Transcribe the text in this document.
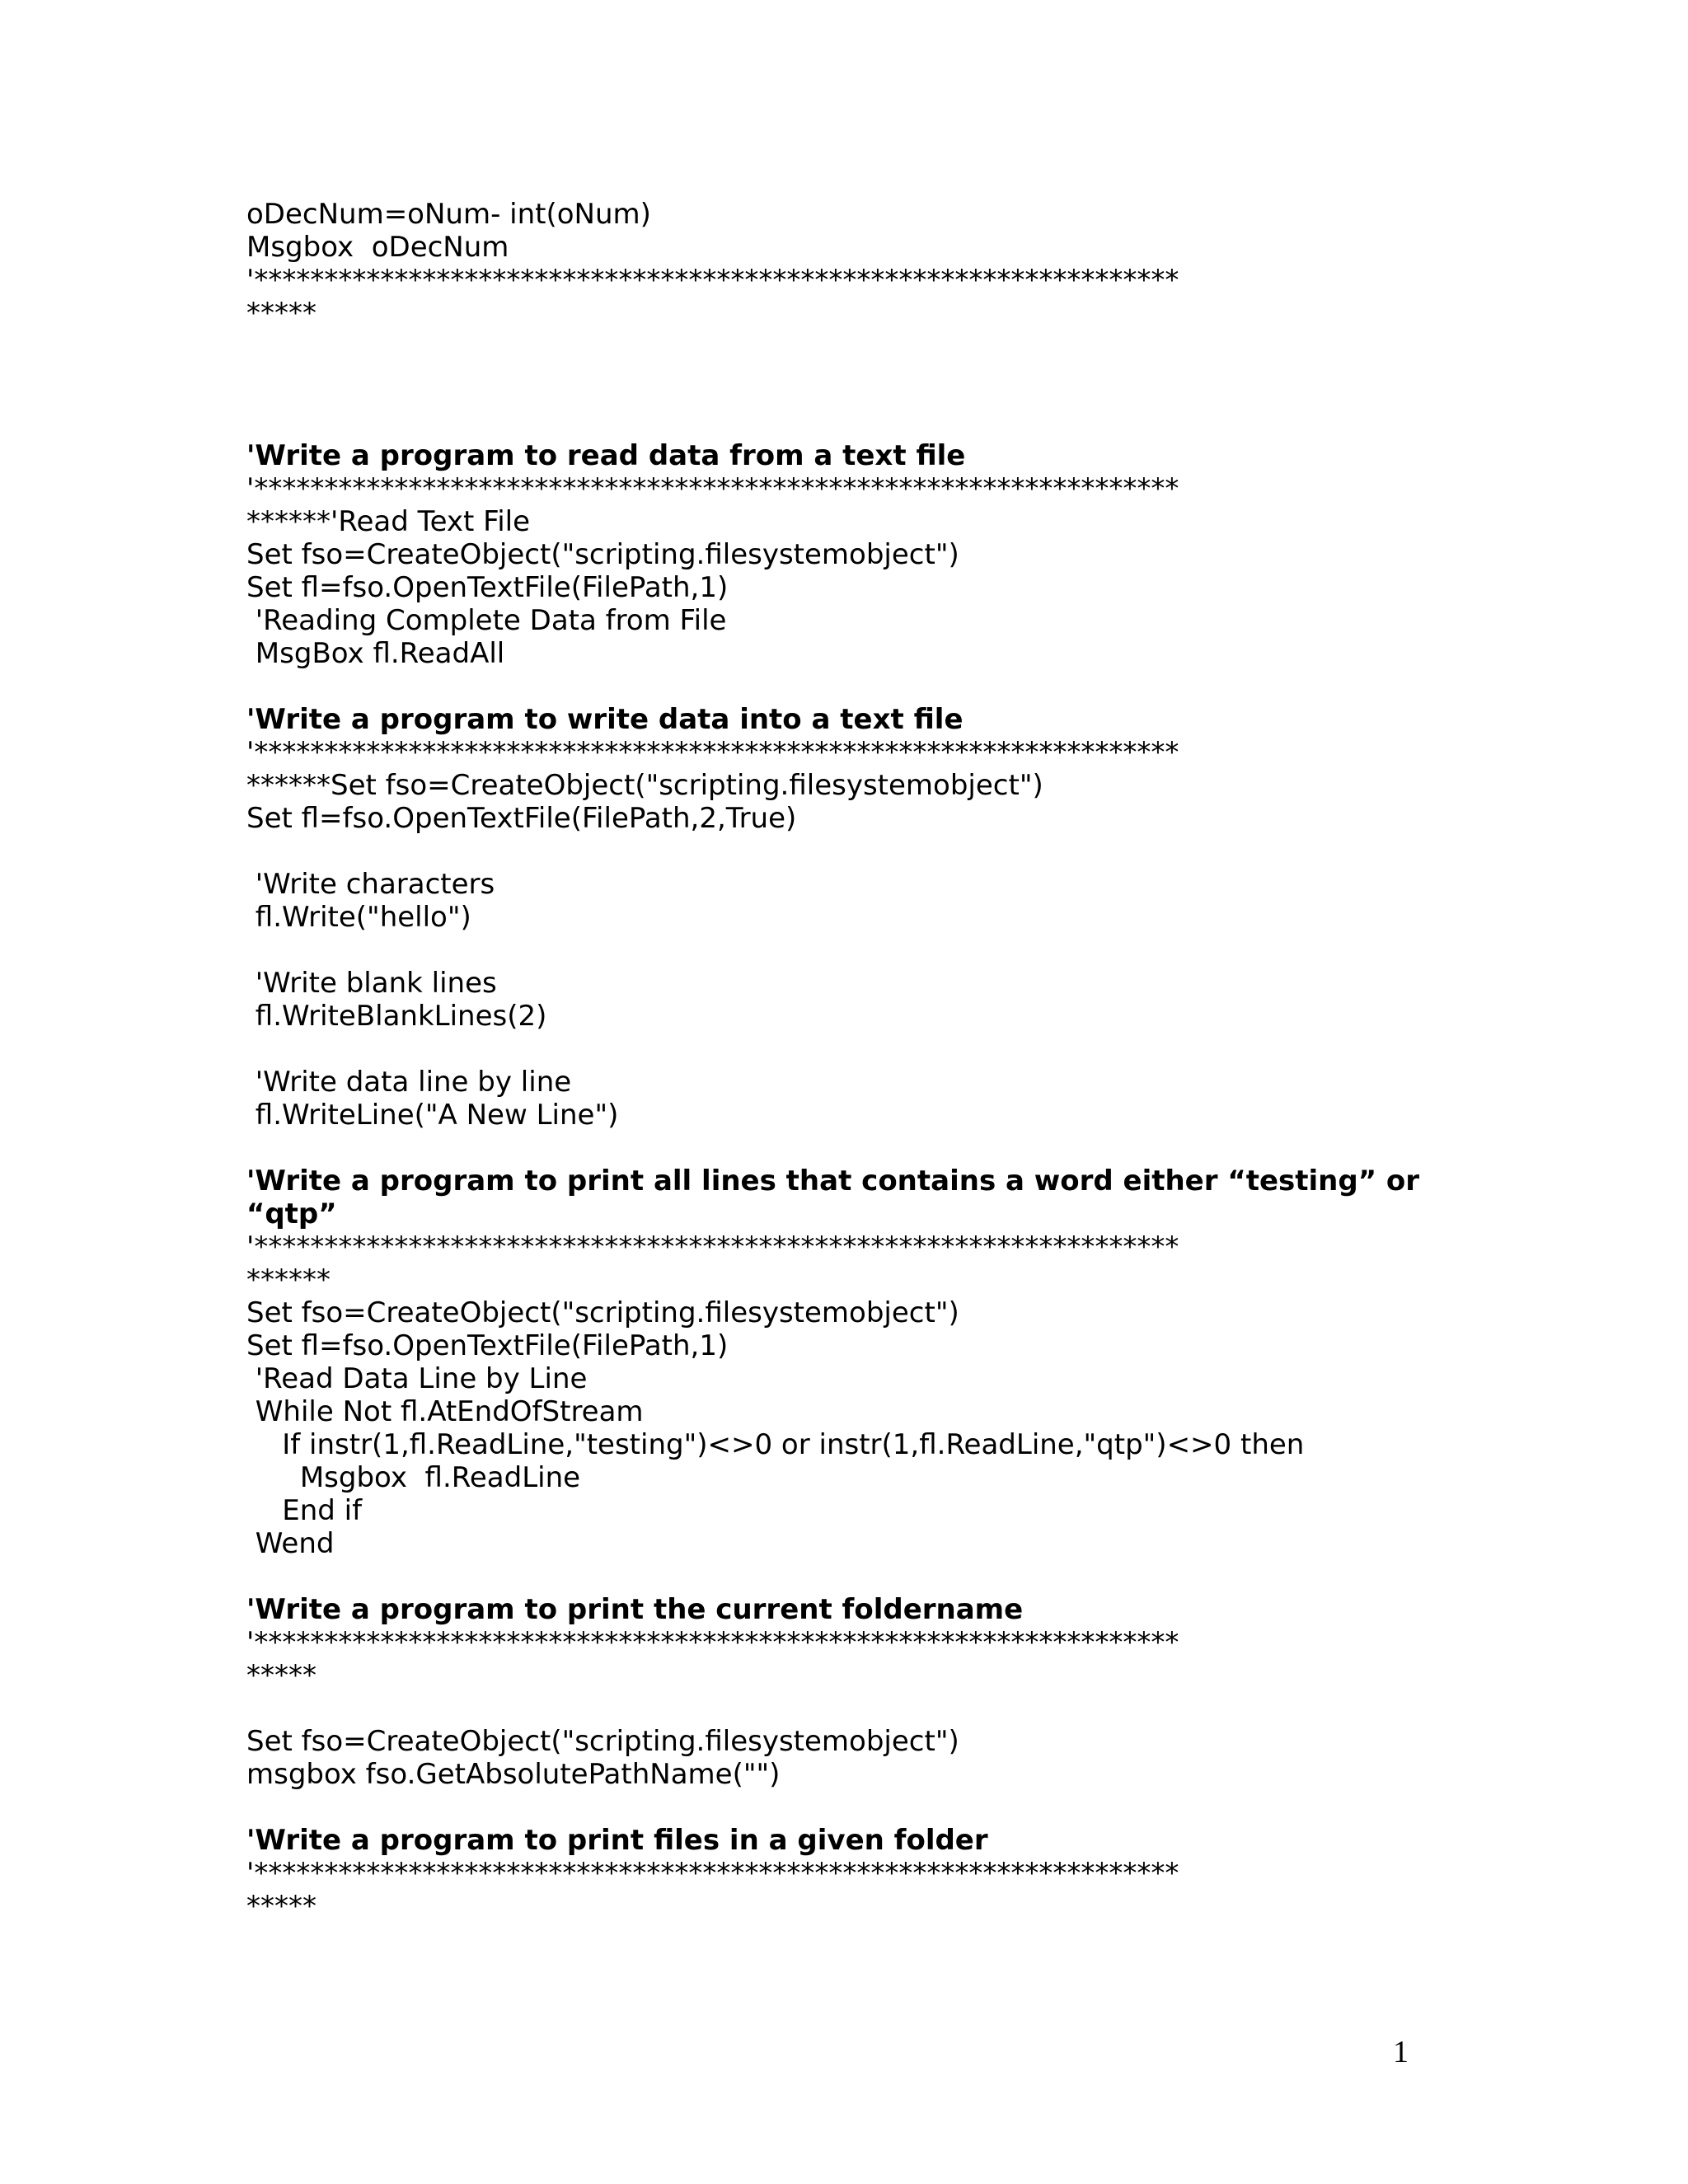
oDecNum=oNum- int(oNum)

Msgbox  oDecNum

'******************************************************************

*****

'Write a program to read data from a text file

'******************************************************************

******'Read Text File

Set fso=CreateObject("scripting.filesystemobject")

Set fl=fso.OpenTextFile(FilePath,1)

'Reading Complete Data from File

MsgBox fl.ReadAll

'Write a program to write data into a text file

'******************************************************************

******Set fso=CreateObject("scripting.filesystemobject")

Set fl=fso.OpenTextFile(FilePath,2,True)

'Write characters

fl.Write("hello")

'Write blank lines

fl.WriteBlankLines(2)

'Write data line by line

fl.WriteLine("A New Line")

'Write a program to print all lines that contains a word either “testing” or

“qtp”

'******************************************************************

******

Set fso=CreateObject("scripting.filesystemobject")

Set fl=fso.OpenTextFile(FilePath,1)

'Read Data Line by Line

While Not fl.AtEndOfStream

If instr(1,fl.ReadLine,"testing")<>0 or instr(1,fl.ReadLine,"qtp")<>0 then

Msgbox  fl.ReadLine

End if

Wend

'Write a program to print the current foldername

'******************************************************************

*****

Set fso=CreateObject("scripting.filesystemobject")

msgbox fso.GetAbsolutePathName("")

'Write a program to print files in a given folder

'******************************************************************

*****

1
